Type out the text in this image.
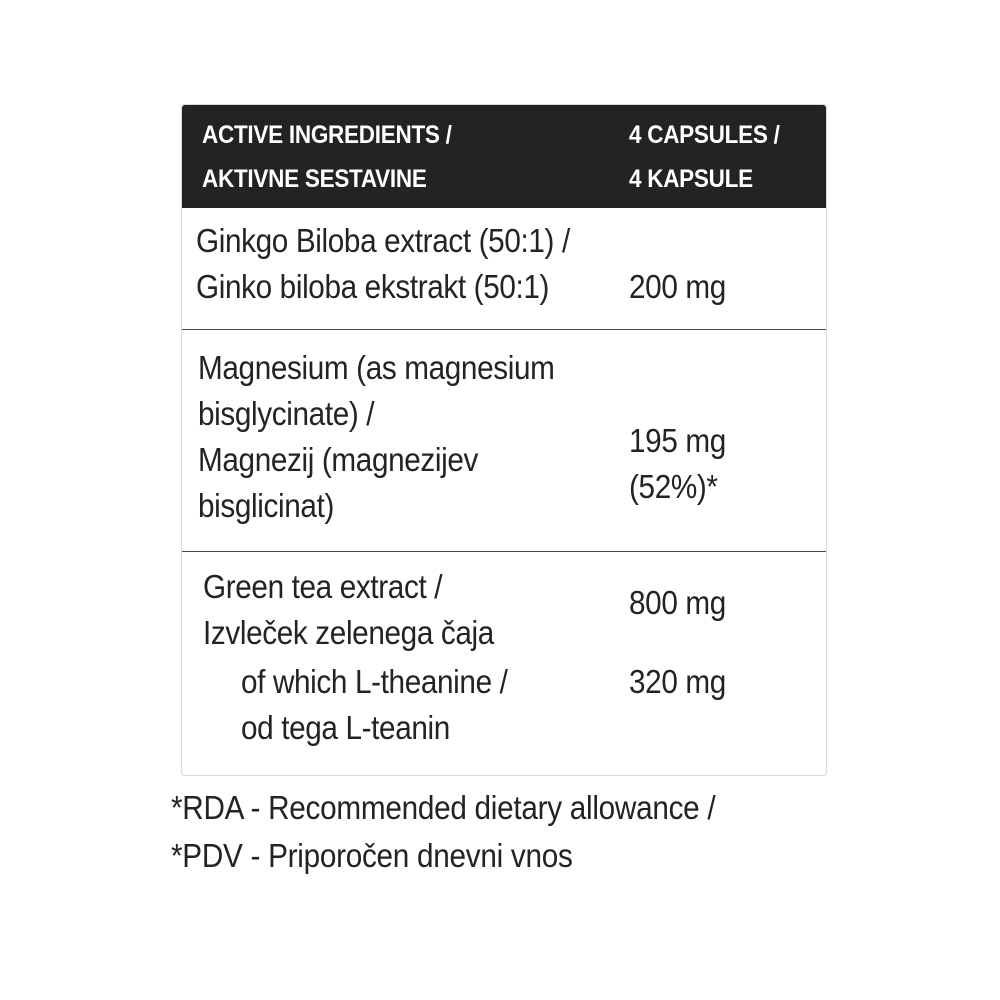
ACTIVE INGREDIENTS /
AKTIVNE SESTAVINE
4 CAPSULES /
4 KAPSULE
Ginkgo Biloba extract (50:1) /
Ginko biloba ekstrakt (50:1)	200 mg
Magnesium (as magnesium
bisglycinate) /
Magnezij (magnezijev
bisglicinat)
195 mg
(52%)*
Green tea extract /
Izvleček zelenega čaja
800 mg
of which L-theanine /
od tega L-teanin
320 mg
*RDA - Recommended dietary allowance /
*PDV - Priporočen dnevni vnos
